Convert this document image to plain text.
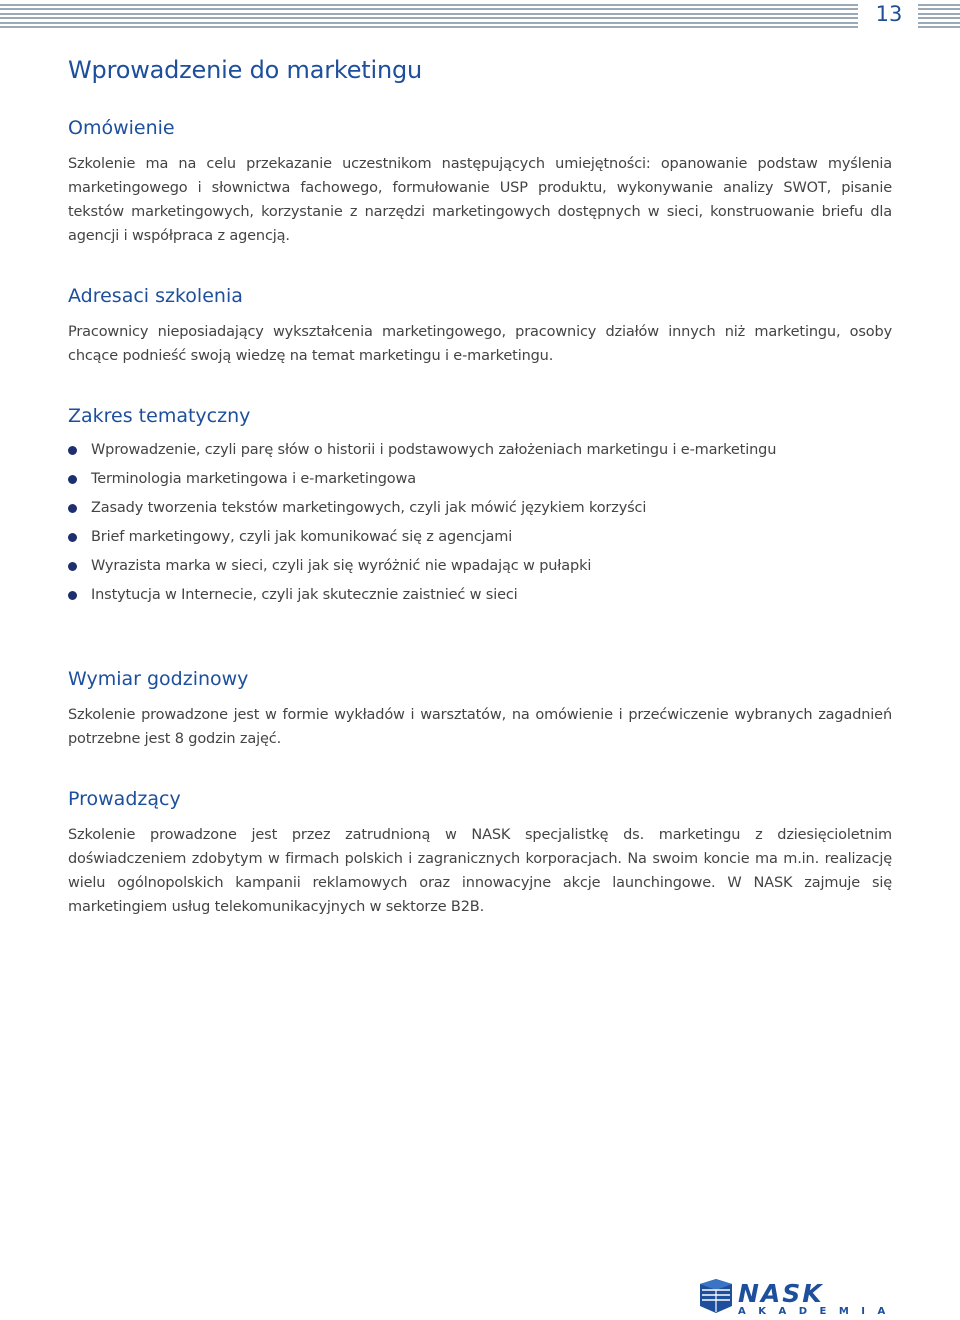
13
Wprowadzenie do marketingu
Omówienie

Szkolenie ma na celu przekazanie uczestnikom następujących umiejętności: opanowanie podstaw myślenia marketingowego i słownictwa fachowego, formułowanie USP produktu, wykonywanie analizy SWOT, pisanie tekstów marketingowych, korzystanie z narzędzi marketingowych dostępnych w sieci, konstruowanie briefu dla agencji i współpraca z agencją.

Adresaci szkolenia

Pracownicy nieposiadający wykształcenia marketingowego, pracownicy działów innych niż marketingu, osoby chcące podnieść swoją wiedzę na temat marketingu i e-marketingu.

Zakres tematyczny
Wprowadzenie, czyli parę słów o historii i podstawowych założeniach marketingu i e-marketingu
Terminologia marketingowa i e-marketingowa
Zasady tworzenia tekstów marketingowych, czyli jak mówić językiem korzyści
Brief marketingowy, czyli jak komunikować się z agencjami
Wyrazista marka w sieci, czyli jak się wyróżnić nie wpadając w pułapki
Instytucja w Internecie, czyli jak skutecznie zaistnieć w sieci
Wymiar godzinowy

Szkolenie prowadzone jest w formie wykładów i warsztatów, na omówienie i przećwiczenie wybranych zagadnień potrzebne jest 8 godzin zajęć.

Prowadzący

Szkolenie prowadzone jest przez zatrudnioną w NASK specjalistkę ds. marketingu z dziesięcioletnim doświadczeniem zdobytym w firmach polskich i zagranicznych korporacjach. Na swoim koncie ma m.in. realizację wielu ogólnopolskich kampanii reklamowych oraz innowacyjne akcje launchingowe. W NASK zajmuje się marketingiem usług telekomunikacyjnych w sektorze B2B.

NASK
AKADEMIA
